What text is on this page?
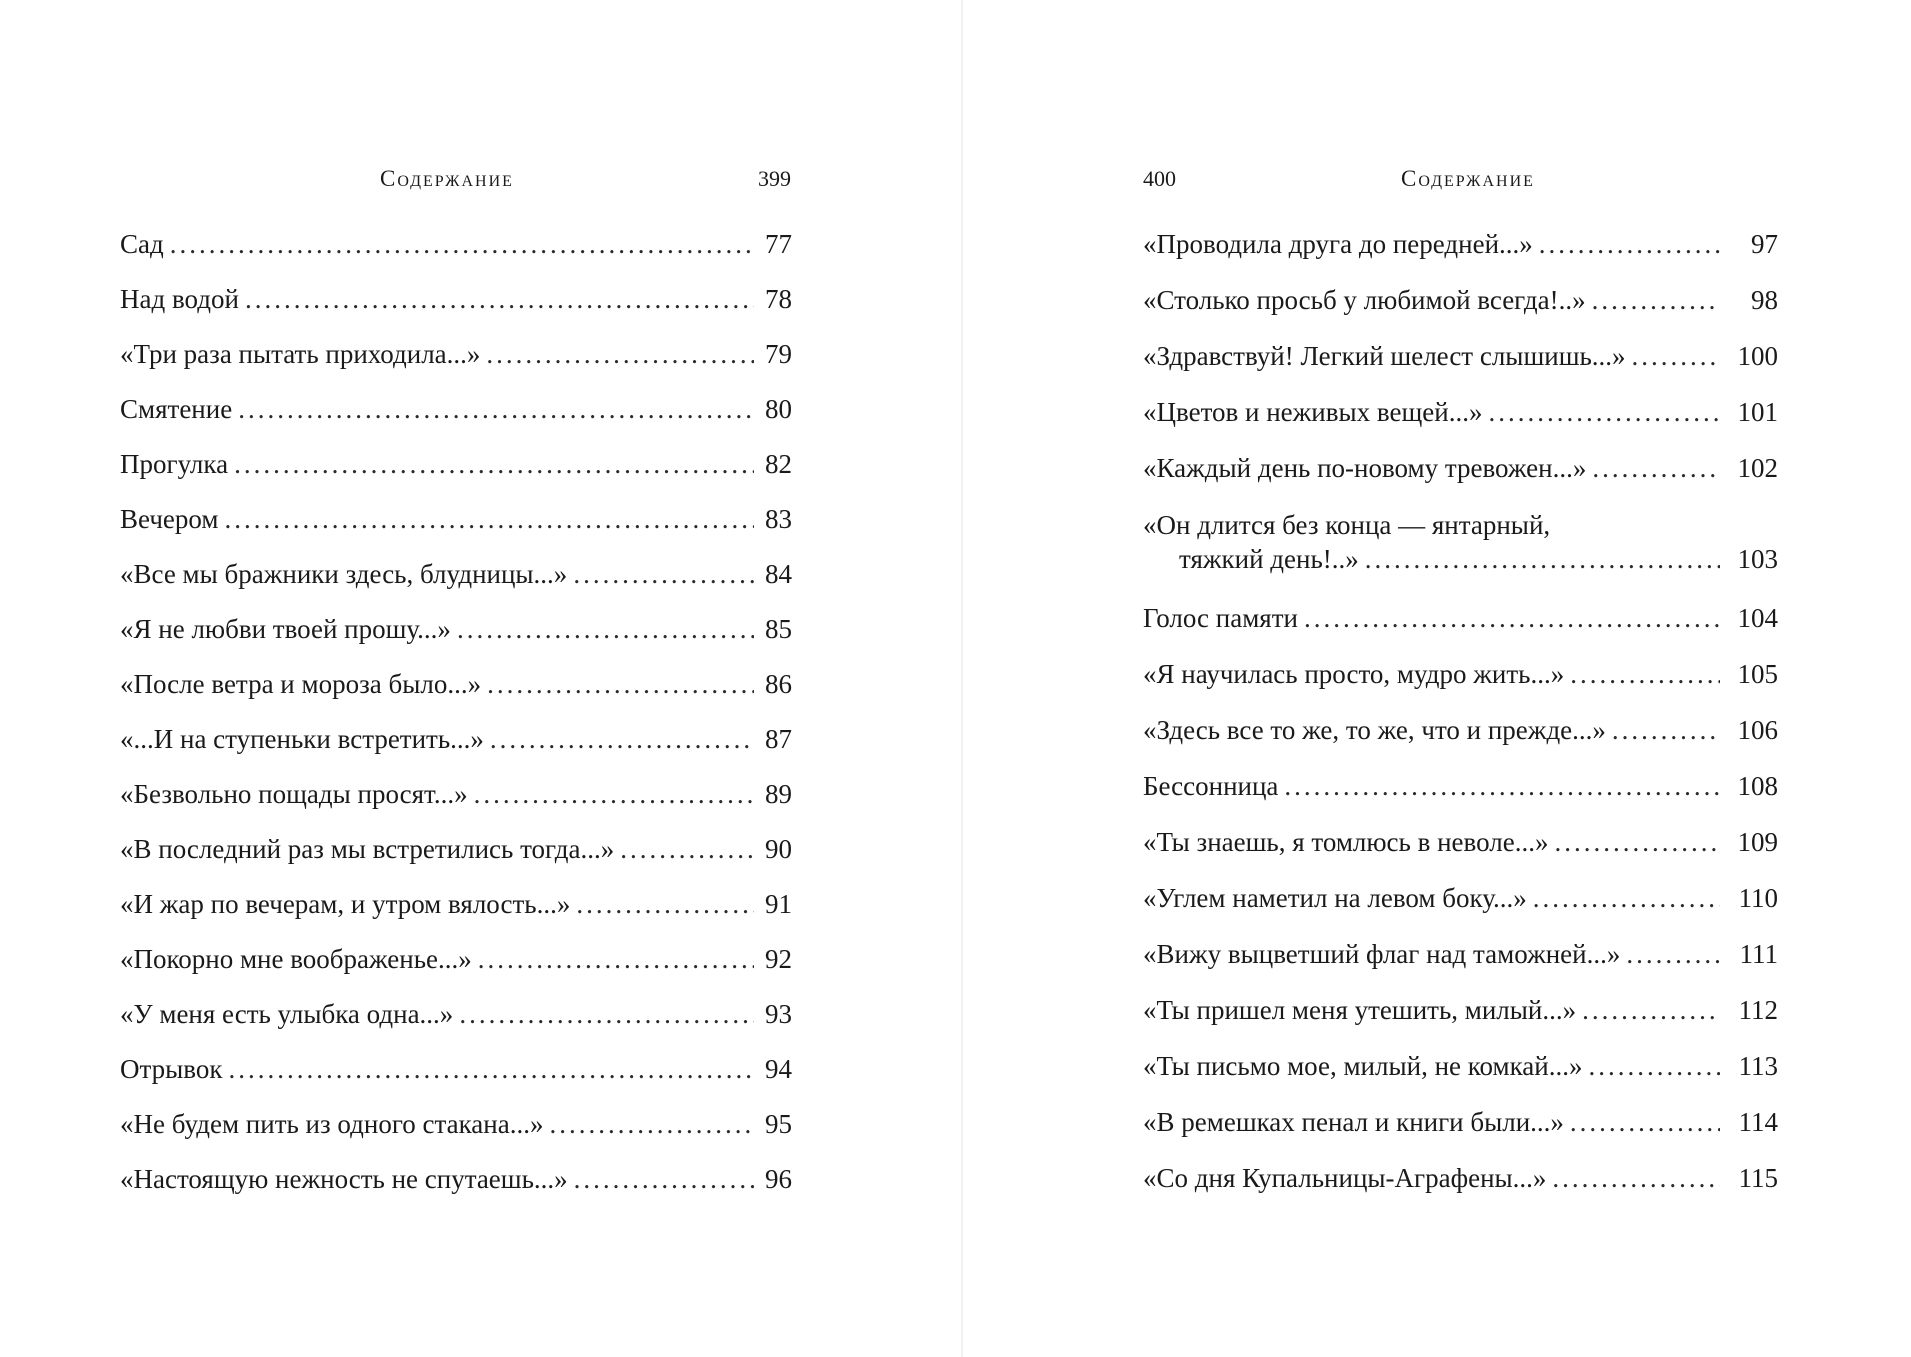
Содержание	399
Сад .....	77
Над водой .....	78
«Три раза пытать приходила...» .....	79
Смятение .....	80
Прогулка .....	82
Вечером .....	83
«Все мы бражники здесь, блудницы...» .....	84
«Я не любви твоей прошу...» .....	85
«После ветра и мороза было...» .....	86
«...И на ступеньки встретить...» .....	87
«Безвольно пощады просят...» .....	89
«В последний раз мы встретились тогда...» .....	90
«И жар по вечерам, и утром вялость...» .....	91
«Покорно мне воображенье...» .....	92
«У меня есть улыбка одна...» .....	93
Отрывок .....	94
«Не будем пить из одного стакана...» .....	95
«Настоящую нежность не спутаешь...» .....	96
400	Содержание
«Проводила друга до передней...» .....	97
«Столько просьб у любимой всегда!..» .....	98
«Здравствуй! Легкий шелест слышишь...» .....	100
«Цветов и неживых вещей...» .....	101
«Каждый день по-новому тревожен...» .....	102
«Он длится без конца — янтарный,
тяжкий день!..» .....	103
Голос памяти .....	104
«Я научилась просто, мудро жить...» .....	105
«Здесь все то же, то же, что и прежде...» .....	106
Бессонница .....	108
«Ты знаешь, я томлюсь в неволе...» .....	109
«Углем наметил на левом боку...» .....	110
«Вижу выцветший флаг над таможней...» .....	111
«Ты пришел меня утешить, милый...» .....	112
«Ты письмо мое, милый, не комкай...» .....	113
«В ремешках пенал и книги были...» .....	114
«Со дня Купальницы-Аграфены...» .....	115
